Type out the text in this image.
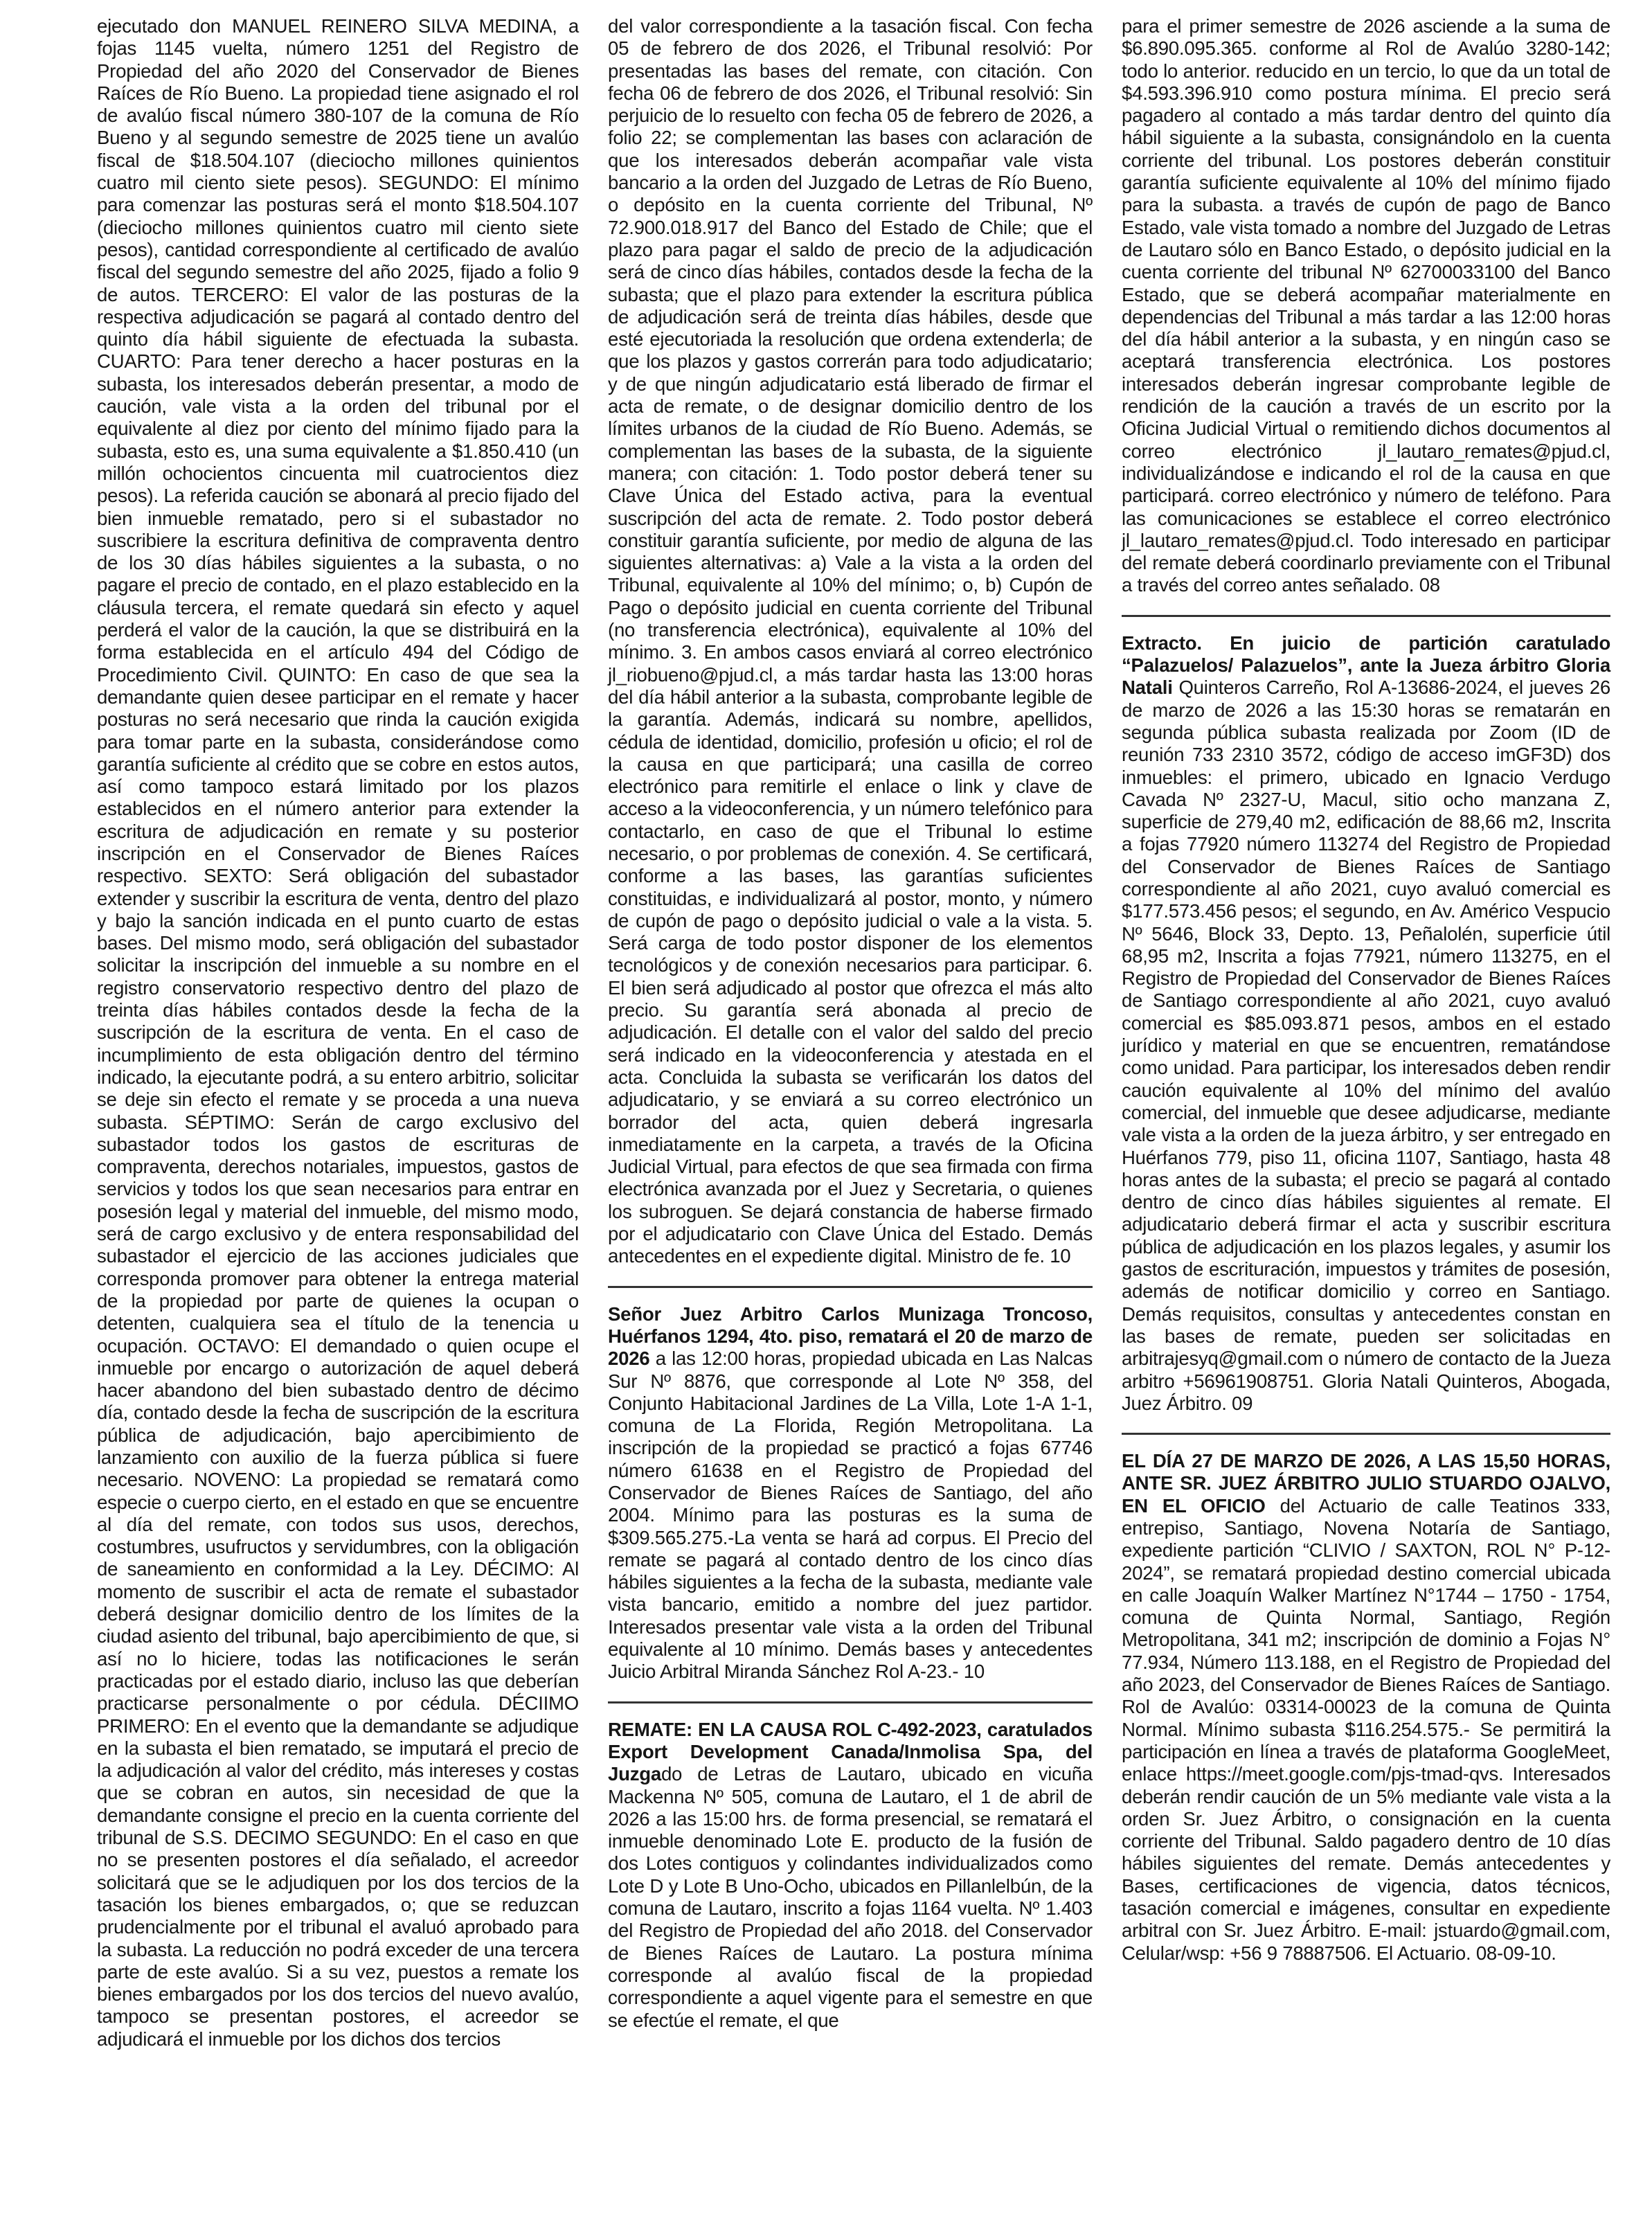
ejecutado don MANUEL REINERO SILVA MEDINA, a fojas 1145 vuelta, número 1251 del Registro de Propiedad del año 2020 del Conservador de Bienes Raíces de Río Bueno. La propiedad tiene asignado el rol de avalúo fiscal número 380-107 de la comuna de Río Bueno y al segundo semestre de 2025 tiene un avalúo fiscal de $18.504.107 (dieciocho millones quinientos cuatro mil ciento siete pesos). SEGUNDO: El mínimo para comenzar las posturas será el monto $18.504.107 (dieciocho millones quinientos cuatro mil ciento siete pesos), cantidad correspondiente al certificado de avalúo fiscal del segundo semestre del año 2025, fijado a folio 9 de autos. TERCERO: El valor de las posturas de la respectiva adjudicación se pagará al contado dentro del quinto día hábil siguiente de efectuada la subasta. CUARTO: Para tener derecho a hacer posturas en la subasta, los interesados deberán presentar, a modo de caución, vale vista a la orden del tribunal por el equivalente al diez por ciento del mínimo fijado para la subasta, esto es, una suma equivalente a $1.850.410 (un millón ochocientos cincuenta mil cuatrocientos diez pesos). La referida caución se abonará al precio fijado del bien inmueble rematado, pero si el subastador no suscribiere la escritura definitiva de compraventa dentro de los 30 días hábiles siguientes a la subasta, o no pagare el precio de contado, en el plazo establecido en la cláusula tercera, el remate quedará sin efecto y aquel perderá el valor de la caución, la que se distribuirá en la forma establecida en el artículo 494 del Código de Procedimiento Civil. QUINTO: En caso de que sea la demandante quien desee participar en el remate y hacer posturas no será necesario que rinda la caución exigida para tomar parte en la subasta, considerándose como garantía suficiente al crédito que se cobre en estos autos, así como tampoco estará limitado por los plazos establecidos en el número anterior para extender la escritura de adjudicación en remate y su posterior inscripción en el Conservador de Bienes Raíces respectivo. SEXTO: Será obligación del subastador extender y suscribir la escritura de venta, dentro del plazo y bajo la sanción indicada en el punto cuarto de estas bases. Del mismo modo, será obligación del subastador solicitar la inscripción del inmueble a su nombre en el registro conservatorio respectivo dentro del plazo de treinta días hábiles contados desde la fecha de la suscripción de la escritura de venta. En el caso de incumplimiento de esta obligación dentro del término indicado, la ejecutante podrá, a su entero arbitrio, solicitar se deje sin efecto el remate y se proceda a una nueva subasta. SÉPTIMO: Serán de cargo exclusivo del subastador todos los gastos de escrituras de compraventa, derechos notariales, impuestos, gastos de servicios y todos los que sean necesarios para entrar en posesión legal y material del inmueble, del mismo modo, será de cargo exclusivo y de entera responsabilidad del subastador el ejercicio de las acciones judiciales que corresponda promover para obtener la entrega material de la propiedad por parte de quienes la ocupan o detenten, cualquiera sea el título de la tenencia u ocupación. OCTAVO: El demandado o quien ocupe el inmueble por encargo o autorización de aquel deberá hacer abandono del bien subastado dentro de décimo día, contado desde la fecha de suscripción de la escritura pública de adjudicación, bajo apercibimiento de lanzamiento con auxilio de la fuerza pública si fuere necesario. NOVENO: La propiedad se rematará como especie o cuerpo cierto, en el estado en que se encuentre al día del remate, con todos sus usos, derechos, costumbres, usufructos y servidumbres, con la obligación de saneamiento en conformidad a la Ley. DÉCIMO: Al momento de suscribir el acta de remate el subastador deberá designar domicilio dentro de los límites de la ciudad asiento del tribunal, bajo apercibimiento de que, si así no lo hiciere, todas las notificaciones le serán practicadas por el estado diario, incluso las que deberían practicarse personalmente o por cédula. DÉCIIMO PRIMERO: En el evento que la demandante se adjudique en la subasta el bien rematado, se imputará el precio de la adjudicación al valor del crédito, más intereses y costas que se cobran en autos, sin necesidad de que la demandante consigne el precio en la cuenta corriente del tribunal de S.S. DECIMO SEGUNDO: En el caso en que no se presenten postores el día señalado, el acreedor solicitará que se le adjudiquen por los dos tercios de la tasación los bienes embargados, o; que se reduzcan prudencialmente por el tribunal el avaluó aprobado para la subasta. La reducción no podrá exceder de una tercera parte de este avalúo. Si a su vez, puestos a remate los bienes embargados por los dos tercios del nuevo avalúo, tampoco se presentan postores, el acreedor se adjudicará el inmueble por los dichos dos tercios

del valor correspondiente a la tasación fiscal. Con fecha 05 de febrero de dos 2026, el Tribunal resolvió: Por presentadas las bases del remate, con citación. Con fecha 06 de febrero de dos 2026, el Tribunal resolvió: Sin perjuicio de lo resuelto con fecha 05 de febrero de 2026, a folio 22; se complementan las bases con aclaración de que los interesados deberán acompañar vale vista bancario a la orden del Juzgado de Letras de Río Bueno, o depósito en la cuenta corriente del Tribunal, Nº 72.900.018.917 del Banco del Estado de Chile; que el plazo para pagar el saldo de precio de la adjudicación será de cinco días hábiles, contados desde la fecha de la subasta; que el plazo para extender la escritura pública de adjudicación será de treinta días hábiles, desde que esté ejecutoriada la resolución que ordena extenderla; de que los plazos y gastos correrán para todo adjudicatario; y de que ningún adjudicatario está liberado de firmar el acta de remate, o de designar domicilio dentro de los límites urbanos de la ciudad de Río Bueno. Además, se complementan las bases de la subasta, de la siguiente manera; con citación: 1. Todo postor deberá tener su Clave Única del Estado activa, para la eventual suscripción del acta de remate. 2. Todo postor deberá constituir garantía suficiente, por medio de alguna de las siguientes alternativas: a) Vale a la vista a la orden del Tribunal, equivalente al 10% del mínimo; o, b) Cupón de Pago o depósito judicial en cuenta corriente del Tribunal (no transferencia electrónica), equivalente al 10% del mínimo. 3. En ambos casos enviará al correo electrónico jl_riobueno@pjud.cl, a más tardar hasta las 13:00 horas del día hábil anterior a la subasta, comprobante legible de la garantía. Además, indicará su nombre, apellidos, cédula de identidad, domicilio, profesión u oficio; el rol de la causa en que participará; una casilla de correo electrónico para remitirle el enlace o link y clave de acceso a la videoconferencia, y un número telefónico para contactarlo, en caso de que el Tribunal lo estime necesario, o por problemas de conexión. 4. Se certificará, conforme a las bases, las garantías suficientes constituidas, e individualizará al postor, monto, y número de cupón de pago o depósito judicial o vale a la vista. 5. Será carga de todo postor disponer de los elementos tecnológicos y de conexión necesarios para participar. 6. El bien será adjudicado al postor que ofrezca el más alto precio. Su garantía será abonada al precio de adjudicación. El detalle con el valor del saldo del precio será indicado en la videoconferencia y atestada en el acta. Concluida la subasta se verificarán los datos del adjudicatario, y se enviará a su correo electrónico un borrador del acta, quien deberá ingresarla inmediatamente en la carpeta, a través de la Oficina Judicial Virtual, para efectos de que sea firmada con firma electrónica avanzada por el Juez y Secretaria, o quienes los subroguen. Se dejará constancia de haberse firmado por el adjudicatario con Clave Única del Estado. Demás antecedentes en el expediente digital. Ministro de fe. 10

Señor Juez Arbitro Carlos Munizaga Troncoso, Huérfanos 1294, 4to. piso, rematará el 20 de marzo de 2026 a las 12:00 horas, propiedad ubicada en Las Nalcas Sur Nº 8876, que corresponde al Lote Nº 358, del Conjunto Habitacional Jardines de La Villa, Lote 1-A 1-1, comuna de La Florida, Región Metropolitana. La inscripción de la propiedad se practicó a fojas 67746 número 61638 en el Registro de Propiedad del Conservador de Bienes Raíces de Santiago, del año 2004. Mínimo para las posturas es la suma de $309.565.275.-La venta se hará ad corpus. El Precio del remate se pagará al contado dentro de los cinco días hábiles siguientes a la fecha de la subasta, mediante vale vista bancario, emitido a nombre del juez partidor. Interesados presentar vale vista a la orden del Tribunal equivalente al 10 mínimo. Demás bases y antecedentes Juicio Arbitral Miranda Sánchez Rol A-23.- 10

REMATE: EN LA CAUSA ROL C-492-2023, caratulados Export Development Canada/Inmolisa Spa, del Juzgado de Letras de Lautaro, ubicado en vicuña Mackenna Nº 505, comuna de Lautaro, el 1 de abril de 2026 a las 15:00 hrs. de forma presencial, se rematará el inmueble denominado Lote E. producto de la fusión de dos Lotes contiguos y colindantes individualizados como Lote D y Lote B Uno-Ocho, ubicados en Pillanlelbún, de la comuna de Lautaro, inscrito a fojas 1164 vuelta. Nº 1.403 del Registro de Propiedad del año 2018. del Conservador de Bienes Raíces de Lautaro. La postura mínima corresponde al avalúo fiscal de la propiedad correspondiente a aquel vigente para el semestre en que se efectúe el remate, el que

para el primer semestre de 2026 asciende a la suma de $6.890.095.365. conforme al Rol de Avalúo 3280-142; todo lo anterior. reducido en un tercio, lo que da un total de $4.593.396.910 como postura mínima. El precio será pagadero al contado a más tardar dentro del quinto día hábil siguiente a la subasta, consignándolo en la cuenta corriente del tribunal. Los postores deberán constituir garantía suficiente equivalente al 10% del mínimo fijado para la subasta. a través de cupón de pago de Banco Estado, vale vista tomado a nombre del Juzgado de Letras de Lautaro sólo en Banco Estado, o depósito judicial en la cuenta corriente del tribunal Nº 62700033100 del Banco Estado, que se deberá acompañar materialmente en dependencias del Tribunal a más tardar a las 12:00 horas del día hábil anterior a la subasta, y en ningún caso se aceptará transferencia electrónica. Los postores interesados deberán ingresar comprobante legible de rendición de la caución a través de un escrito por la Oficina Judicial Virtual o remitiendo dichos documentos al correo electrónico jl_lautaro_remates@pjud.cl, individualizándose e indicando el rol de la causa en que participará. correo electrónico y número de teléfono. Para las comunicaciones se establece el correo electrónico jl_lautaro_remates@pjud.cl. Todo interesado en participar del remate deberá coordinarlo previamente con el Tribunal a través del correo antes señalado. 08

Extracto. En juicio de partición caratulado “Palazuelos/ Palazuelos”, ante la Jueza árbitro Gloria Natali Quinteros Carreño, Rol A-13686-2024, el jueves 26 de marzo de 2026 a las 15:30 horas se rematarán en segunda pública subasta realizada por Zoom (ID de reunión 733 2310 3572, código de acceso imGF3D) dos inmuebles: el primero, ubicado en Ignacio Verdugo Cavada Nº 2327-U, Macul, sitio ocho manzana Z, superficie de 279,40 m2, edificación de 88,66 m2, Inscrita a fojas 77920 número 113274 del Registro de Propiedad del Conservador de Bienes Raíces de Santiago correspondiente al año 2021, cuyo avaluó comercial es $177.573.456 pesos; el segundo, en Av. Américo Vespucio Nº 5646, Block 33, Depto. 13, Peñalolén, superficie útil 68,95 m2, Inscrita a fojas 77921, número 113275, en el Registro de Propiedad del Conservador de Bienes Raíces de Santiago correspondiente al año 2021, cuyo avaluó comercial es $85.093.871 pesos, ambos en el estado jurídico y material en que se encuentren, rematándose como unidad. Para participar, los interesados deben rendir caución equivalente al 10% del mínimo del avalúo comercial, del inmueble que desee adjudicarse, mediante vale vista a la orden de la jueza árbitro, y ser entregado en Huérfanos 779, piso 11, oficina 1107, Santiago, hasta 48 horas antes de la subasta; el precio se pagará al contado dentro de cinco días hábiles siguientes al remate. El adjudicatario deberá firmar el acta y suscribir escritura pública de adjudicación en los plazos legales, y asumir los gastos de escrituración, impuestos y trámites de posesión, además de notificar domicilio y correo en Santiago. Demás requisitos, consultas y antecedentes constan en las bases de remate, pueden ser solicitadas en arbitrajesyq@gmail.com o número de contacto de la Jueza arbitro +56961908751. Gloria Natali Quinteros, Abogada, Juez Árbitro. 09

EL DÍA 27 DE MARZO DE 2026, A LAS 15,50 HORAS, ANTE SR. JUEZ ÁRBITRO JULIO STUARDO OJALVO, EN EL OFICIO del Actuario de calle Teatinos 333, entrepiso, Santiago, Novena Notaría de Santiago, expediente partición “CLIVIO / SAXTON, ROL N° P-12-2024”, se rematará propiedad destino comercial ubicada en calle Joaquín Walker Martínez N°1744 – 1750 - 1754, comuna de Quinta Normal, Santiago, Región Metropolitana, 341 m2; inscripción de dominio a Fojas N° 77.934, Número 113.188, en el Registro de Propiedad del año 2023, del Conservador de Bienes Raíces de Santiago. Rol de Avalúo: 03314-00023 de la comuna de Quinta Normal. Mínimo subasta $116.254.575.- Se permitirá la participación en línea a través de plataforma GoogleMeet, enlace https://meet.google.com/pjs-tmad-qvs. Interesados deberán rendir caución de un 5% mediante vale vista a la orden Sr. Juez Árbitro, o consignación en la cuenta corriente del Tribunal. Saldo pagadero dentro de 10 días hábiles siguientes del remate. Demás antecedentes y Bases, certificaciones de vigencia, datos técnicos, tasación comercial e imágenes, consultar en expediente arbitral con Sr. Juez Árbitro. E-mail: jstuardo@gmail.com, Celular/wsp: +56 9 78887506. El Actuario. 08-09-10.
